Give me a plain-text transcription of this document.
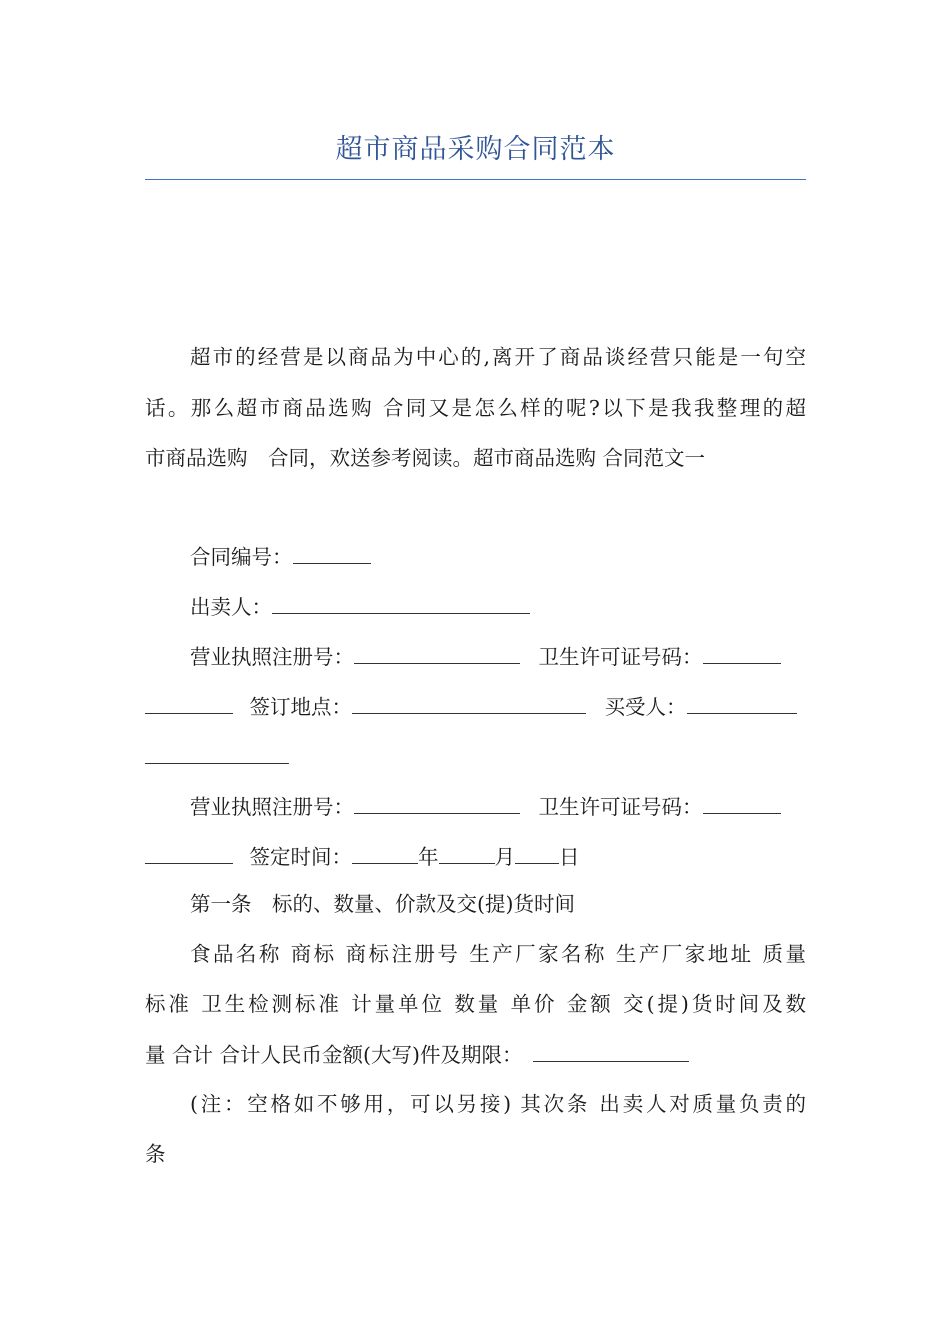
超市商品采购合同范本
超市的经营是以商品为中心的,离开了商品谈经营只能是一句空
话。那么超市商品选购 合同又是怎么样的呢?以下是我我整理的超
市商品选购　合同，欢送参考阅读。超市商品选购 合同范文一
合同编号：
出卖人：
营业执照注册号：	卫生许可证号码：
签订地点：	买受人：
营业执照注册号：	卫生许可证号码：
签定时间：	年	月 日
第一条　标的、数量、价款及交(提)货时间
食品名称 商标 商标注册号 生产厂家名称 生产厂家地址 质量
标准 卫生检测标准 计量单位 数量 单价 金额 交(提)货时间及数
量 合计 合计人民币金额(大写)件及期限：
(注：空格如不够用，可以另接) 其次条 出卖人对质量负责的
条
